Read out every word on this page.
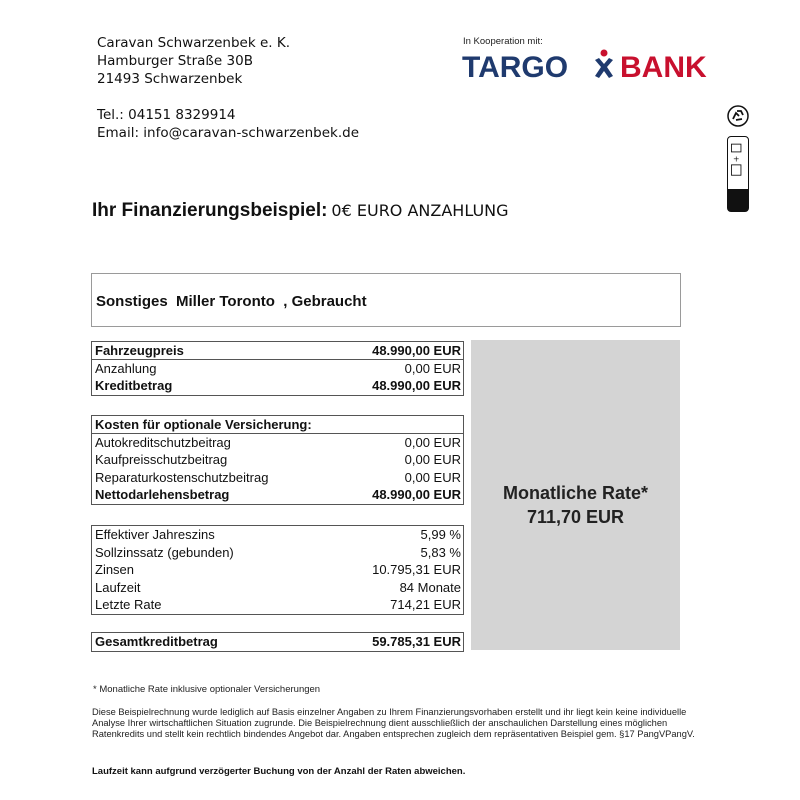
Caravan Schwarzenbek e. K.
Hamburger Straße 30B
21493 Schwarzenbek
Tel.: 04151 8329914
Email: info@caravan-schwarzenbek.de
In Kooperation mit:
TARGO BANK
+
Ihr Finanzierungsbeispiel: 0€ EURO ANZAHLUNG
Sonstiges  Miller Toronto  , Gebraucht
Monatliche Rate*
711,70 EUR
Fahrzeugpreis	48.990,00 EUR
Anzahlung	0,00 EUR
Kreditbetrag	48.990,00 EUR
Kosten für optionale Versicherung:
Autokreditschutzbeitrag	0,00 EUR
Kaufpreisschutzbeitrag	0,00 EUR
Reparaturkostenschutzbeitrag	0,00 EUR
Nettodarlehensbetrag	48.990,00 EUR
Effektiver Jahreszins	5,99 %
Sollzinssatz (gebunden)	5,83 %
Zinsen	10.795,31 EUR
Laufzeit	84 Monate
Letzte Rate	714,21 EUR
Gesamtkreditbetrag	59.785,31 EUR
* Monatliche Rate inklusive optionaler Versicherungen
Diese Beispielrechnung wurde lediglich auf Basis einzelner Angaben zu Ihrem Finanzierungsvorhaben erstellt und ihr liegt kein keine individuelle Analyse Ihrer wirtschaftlichen Situation zugrunde. Die Beispielrechnung dient ausschließlich der anschaulichen Darstellung eines möglichen Ratenkredits und stellt kein rechtlich bindendes Angebot dar. Angaben entsprechen zugleich dem repräsentativen Beispiel gem. §17 PangVPangV.
Laufzeit kann aufgrund verzögerter Buchung von der Anzahl der Raten abweichen.
